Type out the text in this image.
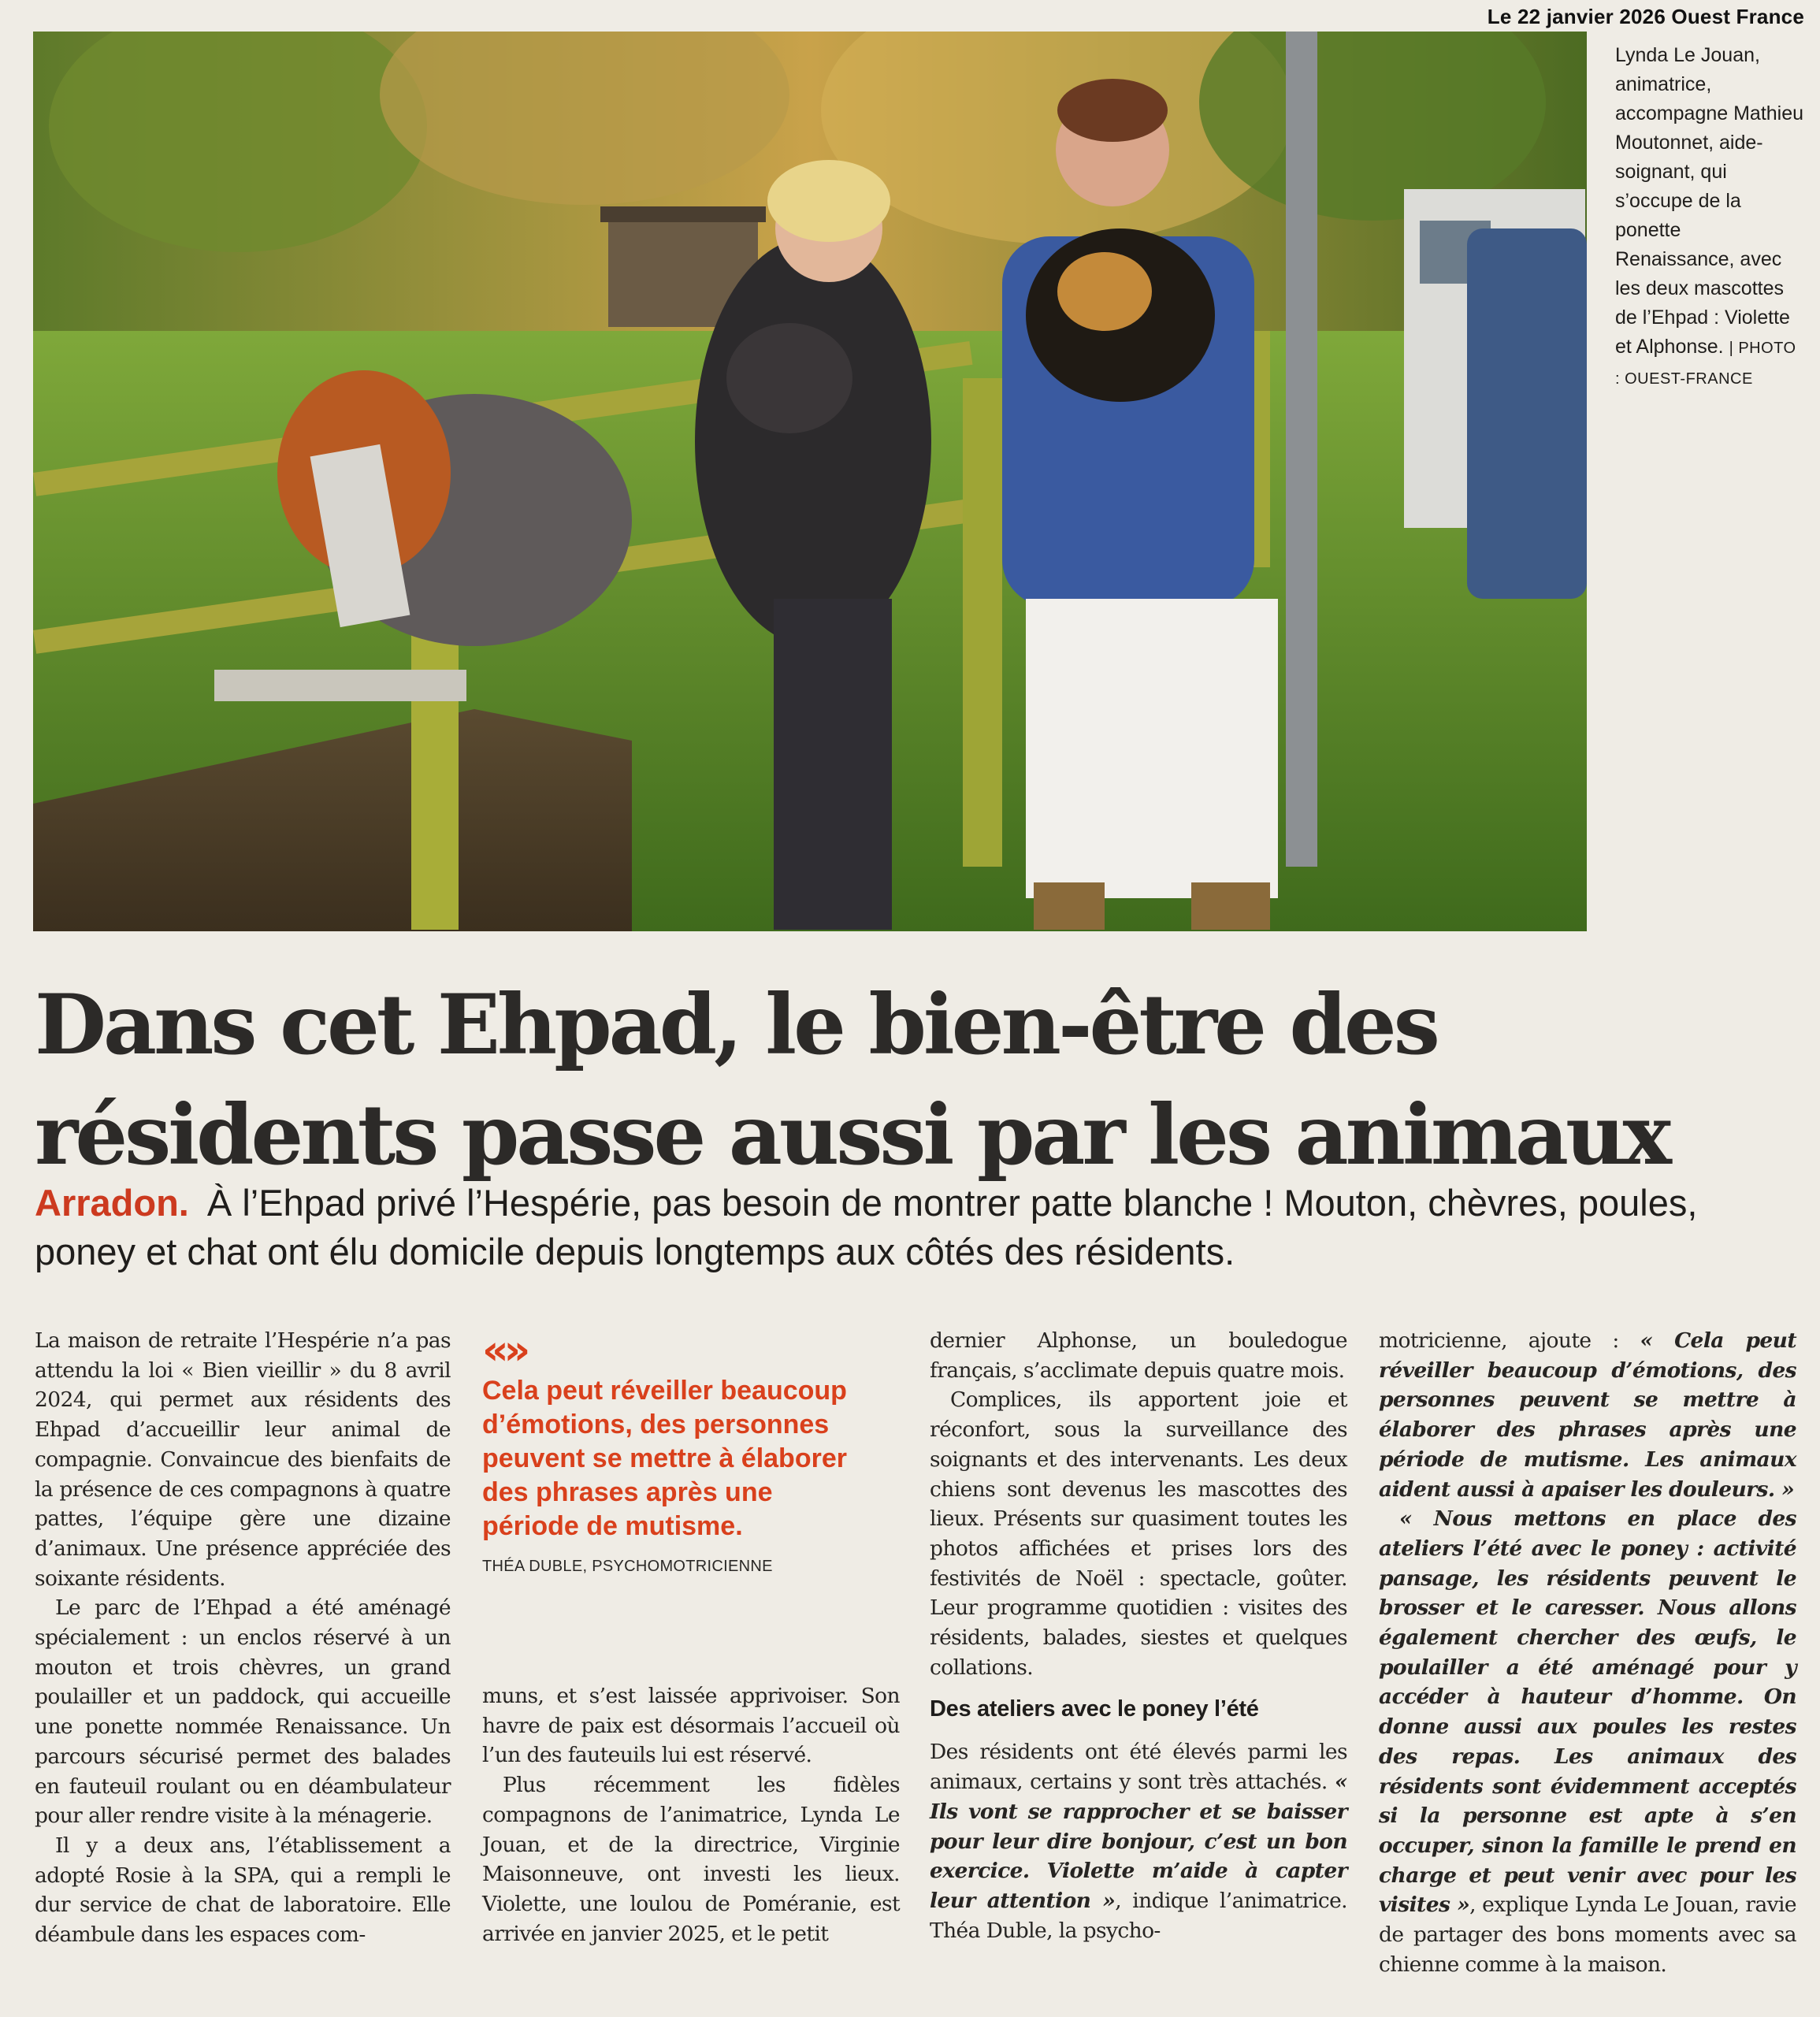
Le 22 janvier 2026 Ouest France
Lynda Le Jouan, animatrice, accompagne Mathieu Moutonnet, aide-soignant, qui s’occupe de la ponette Renaissance, avec les deux mascottes de l’Ehpad : Violette et Alphonse. | PHOTO : OUEST-FRANCE
Dans cet Ehpad, le bien-être des
résidents passe aussi par les animaux

Arradon. À l’Ehpad privé l’Hespérie, pas besoin de montrer patte blanche ! Mouton, chèvres, poules, poney et chat ont élu domicile depuis longtemps aux côtés des résidents.

La maison de retraite l’Hespérie n’a pas attendu la loi « Bien vieillir » du 8 avril 2024, qui permet aux résidents des Ehpad d’accueillir leur animal de compagnie. Convaincue des bienfaits de la présence de ces compagnons à quatre pattes, l’équipe gère une dizaine d’animaux. Une présence appréciée des soixante résidents.

Le parc de l’Ehpad a été aménagé spécialement : un enclos réservé à un mouton et trois chèvres, un grand poulailler et un paddock, qui accueille une ponette nommée Renaissance. Un parcours sécurisé permet des balades en fauteuil roulant ou en déambulateur pour aller rendre visite à la ménagerie.

Il y a deux ans, l’établissement a adopté Rosie à la SPA, qui a rempli le dur service de chat de laboratoire. Elle déambule dans les espaces com-

«»
Cela peut réveiller beaucoup d’émotions, des personnes peuvent se mettre à élaborer des phrases après une période de mutisme.
THÉA DUBLE, PSYCHOMOTRICIENNE

muns, et s’est laissée apprivoiser. Son havre de paix est désormais l’accueil où l’un des fauteuils lui est réservé.

Plus récemment les fidèles compagnons de l’animatrice, Lynda Le Jouan, et de la directrice, Virginie Maisonneuve, ont investi les lieux. Violette, une loulou de Poméranie, est arrivée en janvier 2025, et le petit

dernier Alphonse, un bouledogue français, s’acclimate depuis quatre mois.

Complices, ils apportent joie et réconfort, sous la surveillance des soignants et des intervenants. Les deux chiens sont devenus les mascottes des lieux. Présents sur quasiment toutes les photos affichées et prises lors des festivités de Noël : spectacle, goûter. Leur programme quotidien : visites des résidents, balades, siestes et quelques collations.

Des ateliers avec le poney l’été

Des résidents ont été élevés parmi les animaux, certains y sont très attachés. « Ils vont se rapprocher et se baisser pour leur dire bonjour, c’est un bon exercice. Violette m’aide à capter leur attention », indique l’animatrice. Théa Duble, la psycho-

motricienne, ajoute : « Cela peut réveiller beaucoup d’émotions, des personnes peuvent se mettre à élaborer des phrases après une période de mutisme. Les animaux aident aussi à apaiser les douleurs. »

« Nous mettons en place des ateliers l’été avec le poney : activité pansage, les résidents peuvent le brosser et le caresser. Nous allons également chercher des œufs, le poulailler a été aménagé pour y accéder à hauteur d’homme. On donne aussi aux poules les restes des repas. Les animaux des résidents sont évidemment acceptés si la personne est apte à s’en occuper, sinon la famille le prend en charge et peut venir avec pour les visites », explique Lynda Le Jouan, ravie de partager des bons moments avec sa chienne comme à la maison.
